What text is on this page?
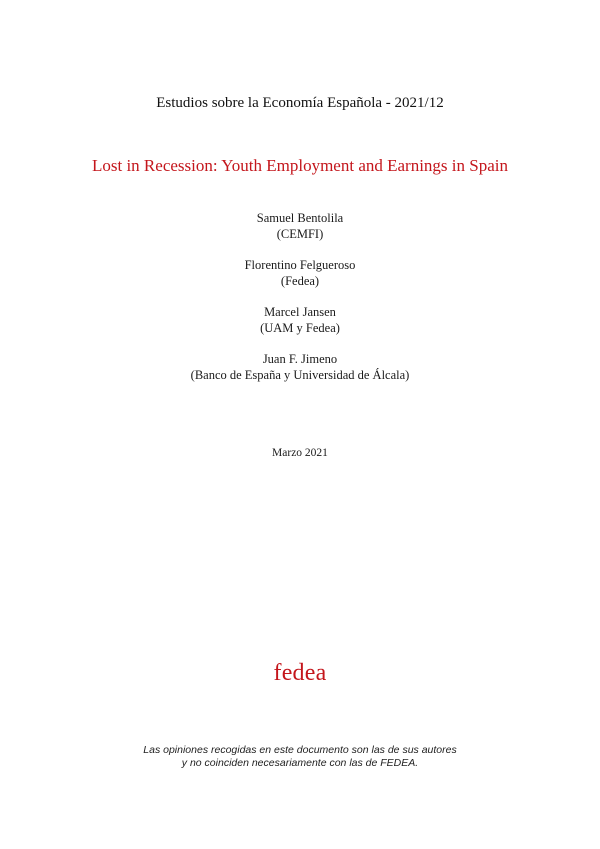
Estudios sobre la Economía Española - 2021/12
Lost in Recession: Youth Employment and Earnings in Spain
Samuel Bentolila
(CEMFI)
Florentino Felgueroso
(Fedea)
Marcel Jansen
(UAM y Fedea)
Juan F. Jimeno
(Banco de España y Universidad de Álcala)
Marzo 2021
fedea
Las opiniones recogidas en este documento son las de sus autores
y no coinciden necesariamente con las de FEDEA.
